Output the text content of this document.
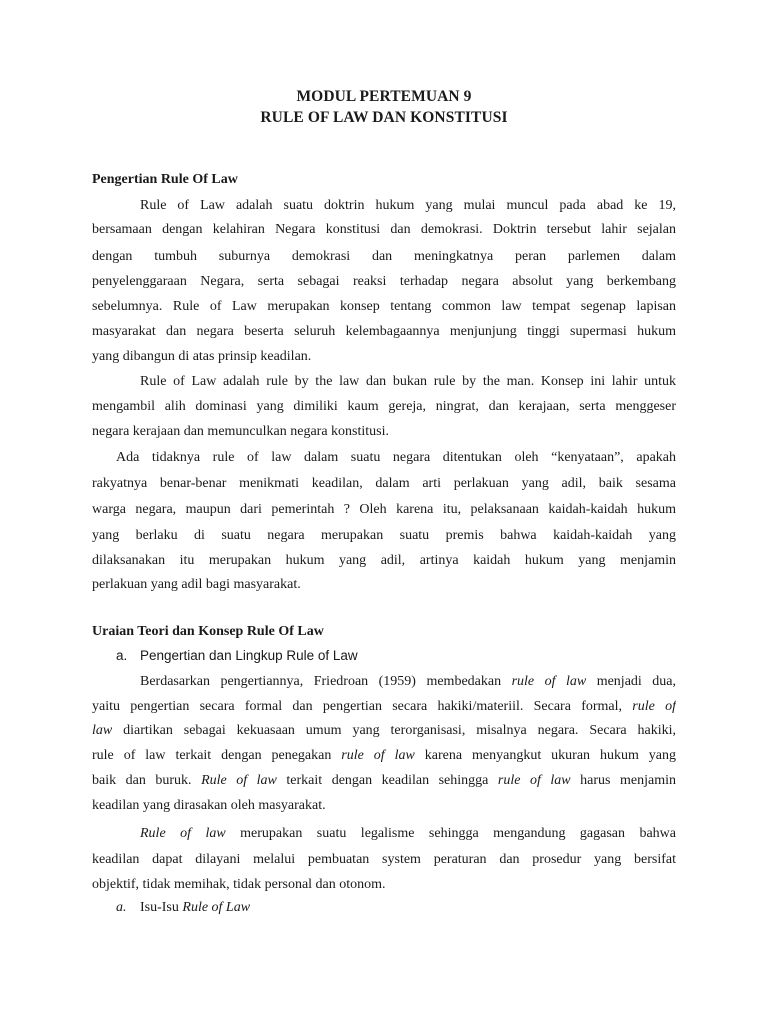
MODUL PERTEMUAN 9
RULE OF LAW DAN KONSTITUSI
Pengertian Rule Of Law
Rule of Law adalah suatu doktrin hukum yang mulai muncul pada abad ke 19,
bersamaan dengan kelahiran Negara konstitusi dan demokrasi. Doktrin tersebut lahir sejalan
dengan tumbuh suburnya demokrasi dan meningkatnya peran parlemen dalam
penyelenggaraan Negara, serta sebagai reaksi terhadap negara absolut yang berkembang
sebelumnya. Rule of Law merupakan konsep tentang common law tempat segenap lapisan
masyarakat dan negara beserta seluruh kelembagaannya menjunjung tinggi supermasi hukum
yang dibangun di atas prinsip keadilan.
Rule of Law adalah rule by the law dan bukan rule by the man. Konsep ini lahir untuk
mengambil alih dominasi yang dimiliki kaum gereja, ningrat, dan kerajaan, serta menggeser
negara kerajaan dan memunculkan negara konstitusi.
Ada tidaknya rule of law dalam suatu negara ditentukan oleh “kenyataan”, apakah
rakyatnya benar-benar menikmati keadilan, dalam arti perlakuan yang adil, baik sesama
warga negara, maupun dari pemerintah ? Oleh karena itu, pelaksanaan kaidah-kaidah hukum
yang berlaku di suatu negara merupakan suatu premis bahwa kaidah-kaidah yang
dilaksanakan itu merupakan hukum yang adil, artinya kaidah hukum yang menjamin
perlakuan yang adil bagi masyarakat.
Uraian Teori dan Konsep Rule Of Law
a. Pengertian dan Lingkup Rule of Law
Berdasarkan pengertiannya, Friedroan (1959) membedakan rule of law menjadi dua,
yaitu pengertian secara formal dan pengertian secara hakiki/materiil. Secara formal, rule of
law diartikan sebagai kekuasaan umum yang terorganisasi, misalnya negara. Secara hakiki,
rule of law terkait dengan penegakan rule of law karena menyangkut ukuran hukum yang
baik dan buruk. Rule of law terkait dengan keadilan sehingga rule of law harus menjamin
keadilan yang dirasakan oleh masyarakat.
Rule of law merupakan suatu legalisme sehingga mengandung gagasan bahwa
keadilan dapat dilayani melalui pembuatan system peraturan dan prosedur yang bersifat
objektif, tidak memihak, tidak personal dan otonom.
a. Isu-Isu Rule of Law
